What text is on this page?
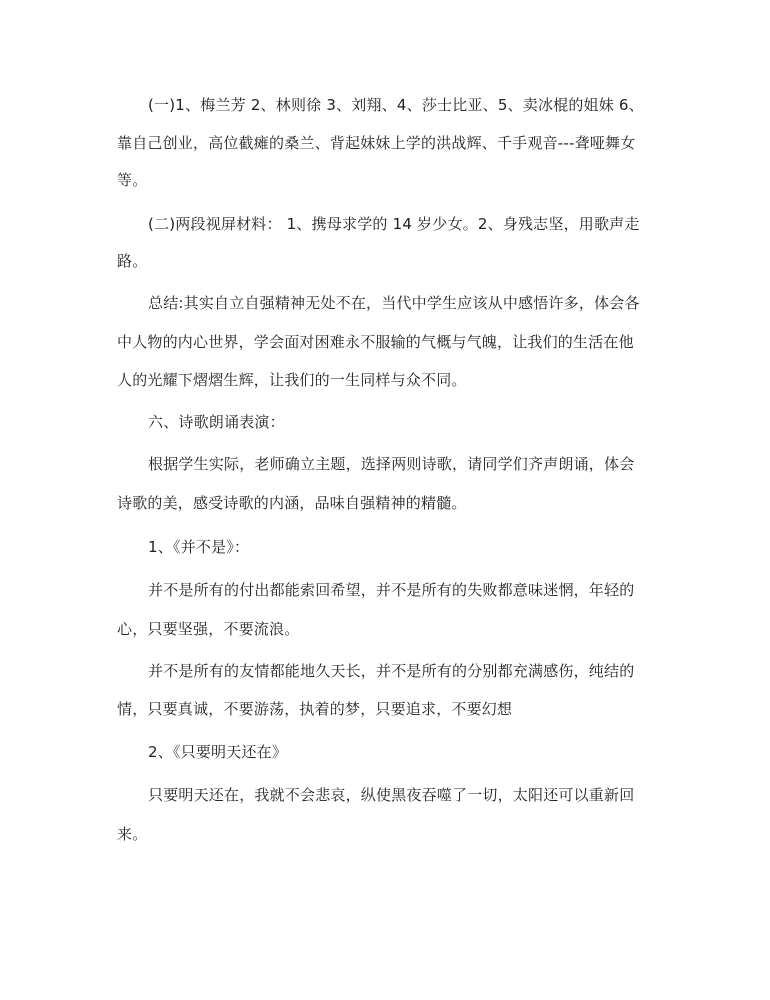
(一)1、梅兰芳 2、林则徐 3、刘翔、4、莎士比亚、5、卖冰棍的姐妹 6、
靠自己创业，高位截瘫的桑兰、背起妹妹上学的洪战辉、千手观音---聋哑舞女
等。
(二)两段视屏材料： 1、携母求学的 14 岁少女。2、身残志坚，用歌声走
路。
总结:其实自立自强精神无处不在，当代中学生应该从中感悟许多，体会各
中人物的内心世界，学会面对困难永不服输的气概与气魄，让我们的生活在他
人的光耀下熠熠生辉，让我们的一生同样与众不同。
六、诗歌朗诵表演：
根据学生实际，老师确立主题，选择两则诗歌，请同学们齐声朗诵，体会
诗歌的美，感受诗歌的内涵，品味自强精神的精髓。
1、《并不是》：
并不是所有的付出都能索回希望，并不是所有的失败都意味迷惘，年轻的
心，只要坚强，不要流浪。
并不是所有的友情都能地久天长，并不是所有的分别都充满感伤，纯结的
情，只要真诚，不要游荡，执着的梦，只要追求，不要幻想
2、《只要明天还在》
只要明天还在，我就不会悲哀，纵使黑夜吞噬了一切，太阳还可以重新回
来。
